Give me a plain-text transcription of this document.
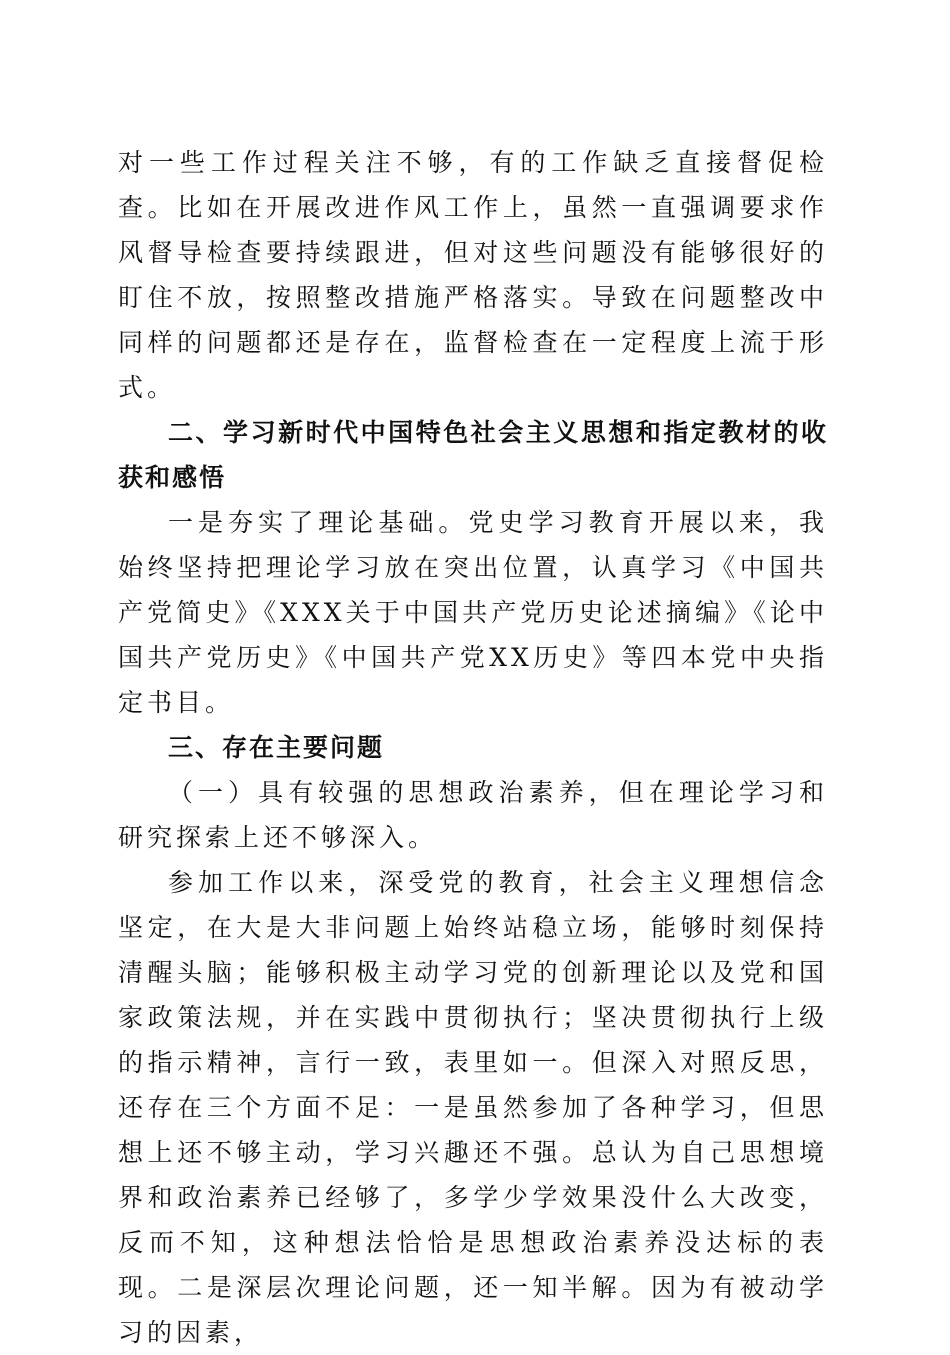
对一些工作过程关注不够，有的工作缺乏直接督促检查。比如在开展改进作风工作上，虽然一直强调要求作风督导检查要持续跟进，但对这些问题没有能够很好的盯住不放，按照整改措施严格落实。导致在问题整改中同样的问题都还是存在，监督检查在一定程度上流于形式。

二、学习新时代中国特色社会主义思想和指定教材的收获和感悟

一是夯实了理论基础。党史学习教育开展以来，我始终坚持把理论学习放在突出位置，认真学习《中国共产党简史》《XXX关于中国共产党历史论述摘编》《论中国共产党历史》《中国共产党XX历史》等四本党中央指定书目。

三、存在主要问题

（一）具有较强的思想政治素养，但在理论学习和研究探索上还不够深入。

参加工作以来，深受党的教育，社会主义理想信念坚定，在大是大非问题上始终站稳立场，能够时刻保持清醒头脑；能够积极主动学习党的创新理论以及党和国家政策法规，并在实践中贯彻执行；坚决贯彻执行上级的指示精神，言行一致，表里如一。但深入对照反思，还存在三个方面不足：一是虽然参加了各种学习，但思想上还不够主动，学习兴趣还不强。总认为自己思想境界和政治素养已经够了，多学少学效果没什么大改变，反而不知，这种想法恰恰是思想政治素养没达标的表现。二是深层次理论问题，还一知半解。因为有被动学习的因素，
